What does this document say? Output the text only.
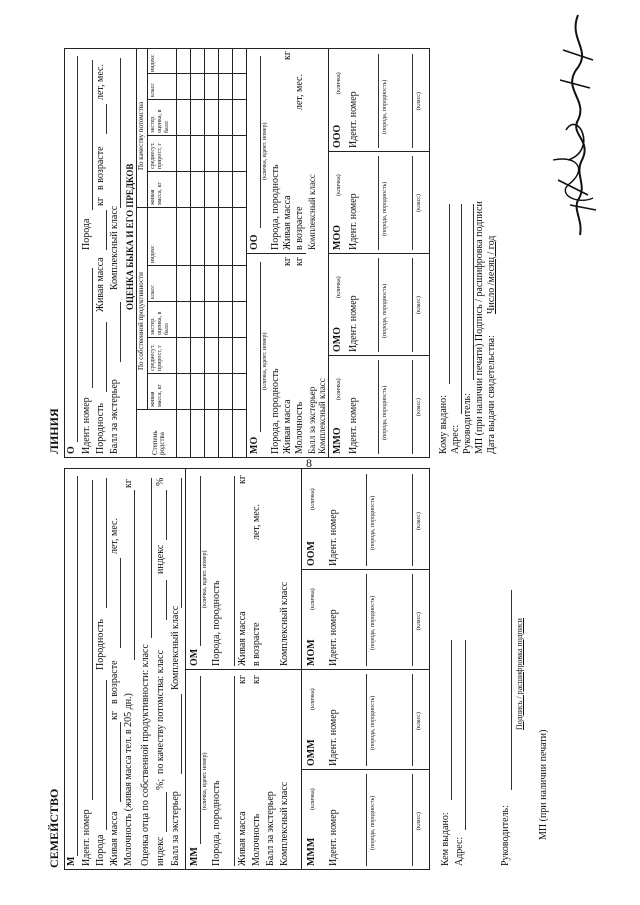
8
СЕМЕЙСТВО М Идент. номер Порода
Породность
Живая масса
кг
в возрасте
лет, мес.
Молочность (живая масса тел. в 205 дн.)
кг
Оценка отца по собственной продуктивности: класс индекс
%;
по качеству потомства: класс
индекс
%
Балл за экстерьер
Комплексный класс
ММ
(кличка, идент. номер) Порода, породность Живая масса
кг
Молочность
кг
Балл за экстерьер Комплексный класс
ОМ
(кличка, идент. номер)
Порода, породность Живая масса
кг
в возрасте
лет, мес.
Комплексный класс
МММ
ОММ
МОМ
ООМ
(кличка)
(кличка)
(кличка)
(кличка)
Идент. номер
Идент. номер
Идент. номер
Идент. номер
(порода, породность)
(порода, породность)
(порода, породность)
(порода, породность)
(класс)
(класс)
(класс)
(класс)
Кем выдано: Адрес:	Руководитель:
Подпись / расшифровка подписи
МП (при наличии печати)
ЛИНИЯ О Идент. номер
Порода
Породность
Живая масса
кг
в возрасте
лет, мес.
Балл за экстерьер
Комплексный класс ОЦЕНКА БЫКА И ЕГО ПРЕДКОВ
По собственной продуктивности
По качеству потомства
Степень родства
живая масса, кг
среднесут. прирост, г
экстер. оценка, в балл
класс
индекс
живая масса, кг
среднесут. прирост, г
экстер. оценка, в балл
класс
индекс
МО
(кличка, идент. номер)
Порода, породность Живая масса
кг
Молочность
кг
ОО
(кличка, идент. номер)
Порода, породность Живая масса
кг
в возрасте
лет, мес.
Балл за экстерьер
Комплексный класс
Комплексный класс ММО
ОМО
МОО
ООО
(кличка)
(кличка)
(кличка)
(кличка)
Идент. номер
Идент. номер
Идент. номер
Идент. номер
(порода, породность)
(порода, породность)
(порода, породность)
(порода, породность)
(класс)
(класс)
(класс)
(класс)
Кому выдано: Адрес: Руководитель: МП (при наличии печати) Подпись / расшифровка подписи Дата выдачи свидетельства:
Число /месяц / год
